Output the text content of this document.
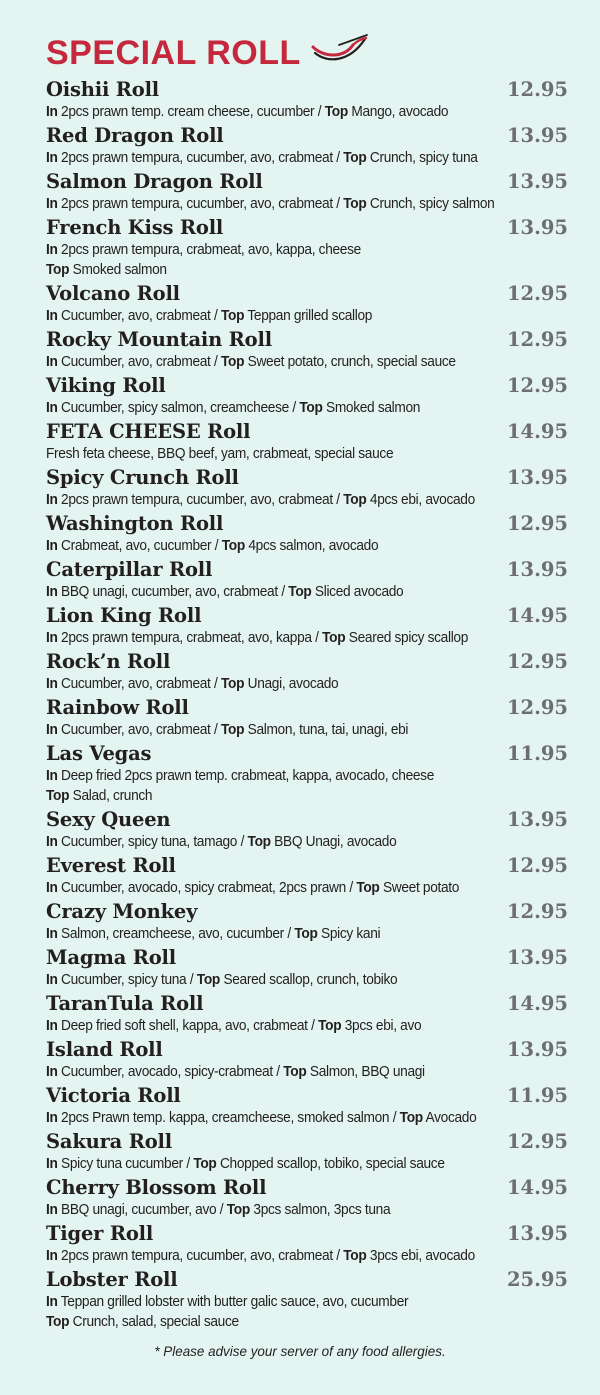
SPECIAL ROLL
Oishii Roll	12.95
In 2pcs prawn temp. cream cheese, cucumber / Top Mango, avocado
Red Dragon Roll	13.95
In 2pcs prawn tempura, cucumber, avo, crabmeat / Top Crunch, spicy tuna
Salmon Dragon Roll	13.95
In 2pcs prawn tempura, cucumber, avo, crabmeat / Top Crunch, spicy salmon
French Kiss Roll	13.95
In 2pcs prawn tempura, crabmeat, avo, kappa, cheese
Top Smoked salmon
Volcano Roll	12.95
In Cucumber, avo, crabmeat / Top Teppan grilled scallop
Rocky Mountain Roll	12.95
In Cucumber, avo, crabmeat / Top Sweet potato, crunch, special sauce
Viking Roll	12.95
In Cucumber, spicy salmon, creamcheese / Top Smoked salmon
FETA CHEESE Roll	14.95
Fresh feta cheese, BBQ beef, yam, crabmeat, special sauce
Spicy Crunch Roll	13.95
In 2pcs prawn tempura, cucumber, avo, crabmeat / Top 4pcs ebi, avocado
Washington Roll	12.95
In Crabmeat, avo, cucumber / Top 4pcs salmon, avocado
Caterpillar Roll	13.95
In BBQ unagi, cucumber, avo, crabmeat / Top Sliced avocado
Lion King Roll	14.95
In 2pcs prawn tempura, crabmeat, avo, kappa / Top Seared spicy scallop
Rock’n Roll	12.95
In Cucumber, avo, crabmeat / Top Unagi, avocado
Rainbow Roll	12.95
In Cucumber, avo, crabmeat / Top Salmon, tuna, tai, unagi, ebi
Las Vegas	11.95
In Deep fried 2pcs prawn temp. crabmeat, kappa, avocado, cheese
Top Salad, crunch
Sexy Queen	13.95
In Cucumber, spicy tuna, tamago / Top BBQ Unagi, avocado
Everest Roll	12.95
In Cucumber, avocado, spicy crabmeat, 2pcs prawn / Top Sweet potato
Crazy Monkey	12.95
In Salmon, creamcheese, avo, cucumber / Top Spicy kani
Magma Roll	13.95
In Cucumber, spicy tuna / Top Seared scallop, crunch, tobiko
TaranTula Roll	14.95
In Deep fried soft shell, kappa, avo, crabmeat / Top 3pcs ebi, avo
Island Roll	13.95
In Cucumber, avocado, spicy-crabmeat / Top Salmon, BBQ unagi
Victoria Roll	11.95
In 2pcs Prawn temp. kappa, creamcheese, smoked salmon / Top Avocado
Sakura Roll	12.95
In Spicy tuna cucumber / Top Chopped scallop, tobiko, special sauce
Cherry Blossom Roll	14.95
In BBQ unagi, cucumber, avo / Top 3pcs salmon, 3pcs tuna
Tiger Roll	13.95
In 2pcs prawn tempura, cucumber, avo, crabmeat / Top 3pcs ebi, avocado
Lobster Roll	25.95
In Teppan grilled lobster with butter galic sauce, avo, cucumber
Top Crunch, salad, special sauce
* Please advise your server of any food allergies.
